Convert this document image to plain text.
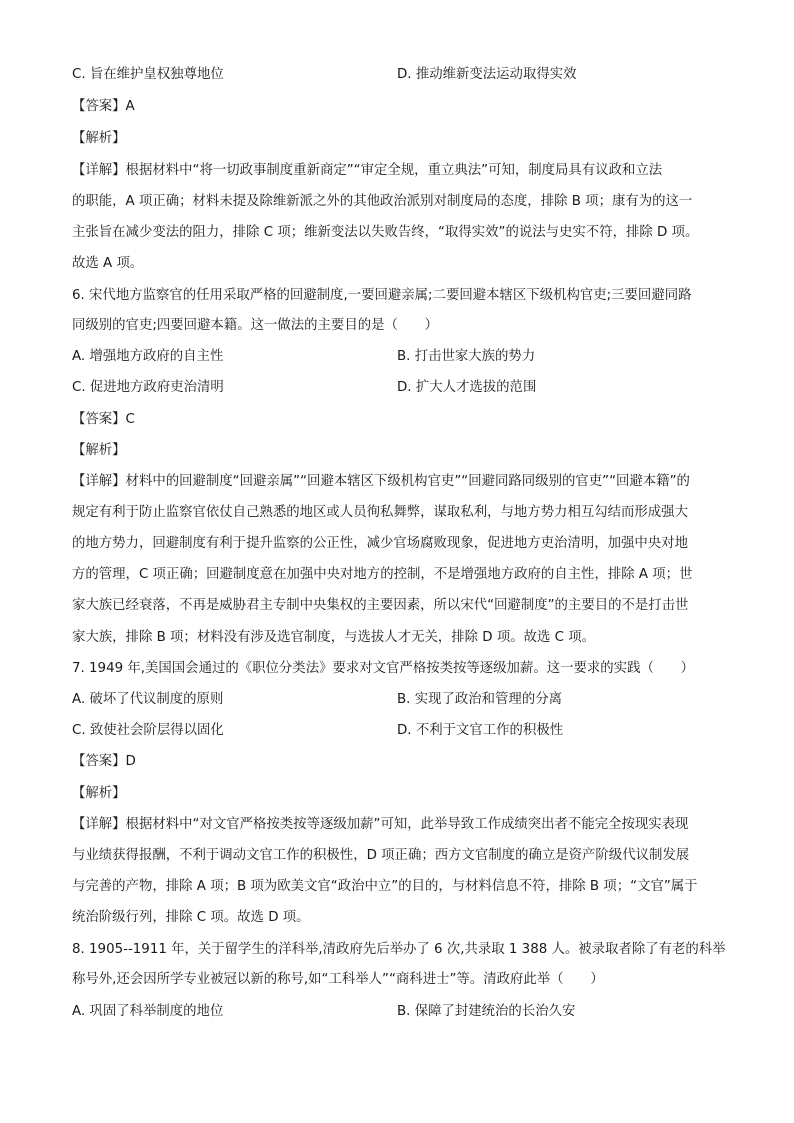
C. 旨在维护皇权独尊地位	D. 推动维新变法运动取得实效
【答案】A
【解析】
【详解】根据材料中“将一切政事制度重新商定”“审定全规，重立典法”可知，制度局具有议政和立法
的职能，A 项正确；材料未提及除维新派之外的其他政治派别对制度局的态度，排除 B 项；康有为的这一
主张旨在减少变法的阻力，排除 C 项；维新变法以失败告终，“取得实效”的说法与史实不符，排除 D 项。
故选 A 项。
6. 宋代地方监察官的任用采取严格的回避制度,一要回避亲属;二要回避本辖区下级机构官吏;三要回避同路
同级别的官吏;四要回避本籍。这一做法的主要目的是（　　）
A. 增强地方政府的自主性	B. 打击世家大族的势力
C. 促进地方政府吏治清明	D. 扩大人才选拔的范围
【答案】C
【解析】
【详解】材料中的回避制度“回避亲属”“回避本辖区下级机构官吏”“回避同路同级别的官吏”“回避本籍”的
规定有利于防止监察官依仗自己熟悉的地区或人员徇私舞弊，谋取私利，与地方势力相互勾结而形成强大
的地方势力，回避制度有利于提升监察的公正性，减少官场腐败现象，促进地方吏治清明，加强中央对地
方的管理，C 项正确；回避制度意在加强中央对地方的控制，不是增强地方政府的自主性，排除 A 项；世
家大族已经衰落，不再是威胁君主专制中央集权的主要因素，所以宋代“回避制度”的主要目的不是打击世
家大族，排除 B 项；材料没有涉及选官制度，与选拔人才无关，排除 D 项。故选 C 项。
7. 1949 年,美国国会通过的《职位分类法》要求对文官严格按类按等逐级加薪。这一要求的实践（　　）
A. 破坏了代议制度的原则	B. 实现了政治和管理的分离
C. 致使社会阶层得以固化	D. 不利于文官工作的积极性
【答案】D
【解析】
【详解】根据材料中“对文官严格按类按等逐级加薪”可知，此举导致工作成绩突出者不能完全按现实表现
与业绩获得报酬，不利于调动文官工作的积极性，D 项正确；西方文官制度的确立是资产阶级代议制发展
与完善的产物，排除 A 项；B 项为欧美文官“政治中立”的目的，与材料信息不符，排除 B 项；“文官”属于
统治阶级行列，排除 C 项。故选 D 项。
8. 1905--1911 年，关于留学生的洋科举,清政府先后举办了 6 次,共录取 1 388 人。被录取者除了有老的科举
称号外,还会因所学专业被冠以新的称号,如“工科举人”“商科进士”等。清政府此举（　　）
A. 巩固了科举制度的地位	B. 保障了封建统治的长治久安
